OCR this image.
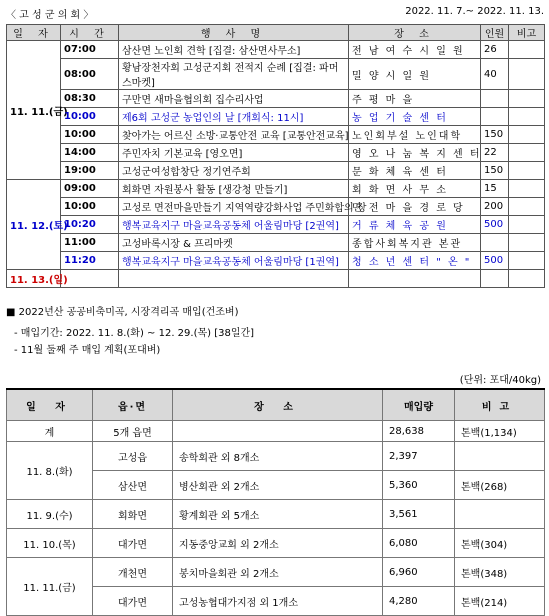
〈 고 성 군 의 회 〉	2022. 11. 7.~ 2022. 11. 13.
일 자	시 간	행 사 명	장 소	인원	비고
11. 11.(금)	07:00	삼산면 노인회 견학 [집결: 삼산면사무소]	전 남 여 수 시 일 원	26	
	08:00	황남장천자회 고성군지회 전적지 순례 [집결: 파머스마켓]	밀 양 시 일 원	40	
	08:30	구만면 새마을협의회 집수리사업	주 평 마 을		
	10:00	제6회 고성군 농업인의 날 [개회식: 11시]	농 업 기 술 센 터		
	10:00	찾아가는 어르신 소방·교통안전 교육 [교통안전교육]	노인회부설 노인대학	150	
	14:00	주민자치 기본교육 [영오면]	영 오 나 눔 복 지 센 터	22	
	19:00	고성군여성합창단 정기연주회	문 화 체 육 센 터	150	
11. 12.(토)	09:00	회화면 자원봉사 활동 [생강청 만들기]	회 화 면 사 무 소	15	
	10:00	고성로 면전마을만들기 지역역량강화사업 주민화합의 장	면 전 마 을 경 로 당	200	
	10:20	행복교육지구 마을교육공동체 어울림마당 [2권역]	거 류 체 육 공 원	500	
	11:00	고성바록시장 & 프리마켓	종합사회복지관 본관		
	11:20	행복교육지구 마을교육공동체 어울림마당 [1권역]	청 소 년 센 터 " 온 "	500	
11. 13.(일)					
■ 2022년산 공공비축미곡, 시장격리곡 매입(건조벼)
- 매입기간: 2022. 11. 8.(화) ~ 12. 29.(목) [38일간]
- 11월 둘째 주 매입 계획(포대벼)
(단위: 포대/40kg)
일 자	읍·면	장 소	매입량	비고
계	5개 읍면		28,638	톤백(1,134)
11. 8.(화)	고성읍	송학회관 외 8개소	2,397	
	삼산면	병산회관 외 2개소	5,360	톤백(268)
11. 9.(수)	회화면	황계회관 외 5개소	3,561	
11. 10.(목)	대가면	지동중앙교회 외 2개소	6,080	톤백(304)
11. 11.(금)	개천면	봉치마을회관 외 2개소	6,960	톤백(348)
	대가면	고성농협대가지점 외 1개소	4,280	톤백(214)
